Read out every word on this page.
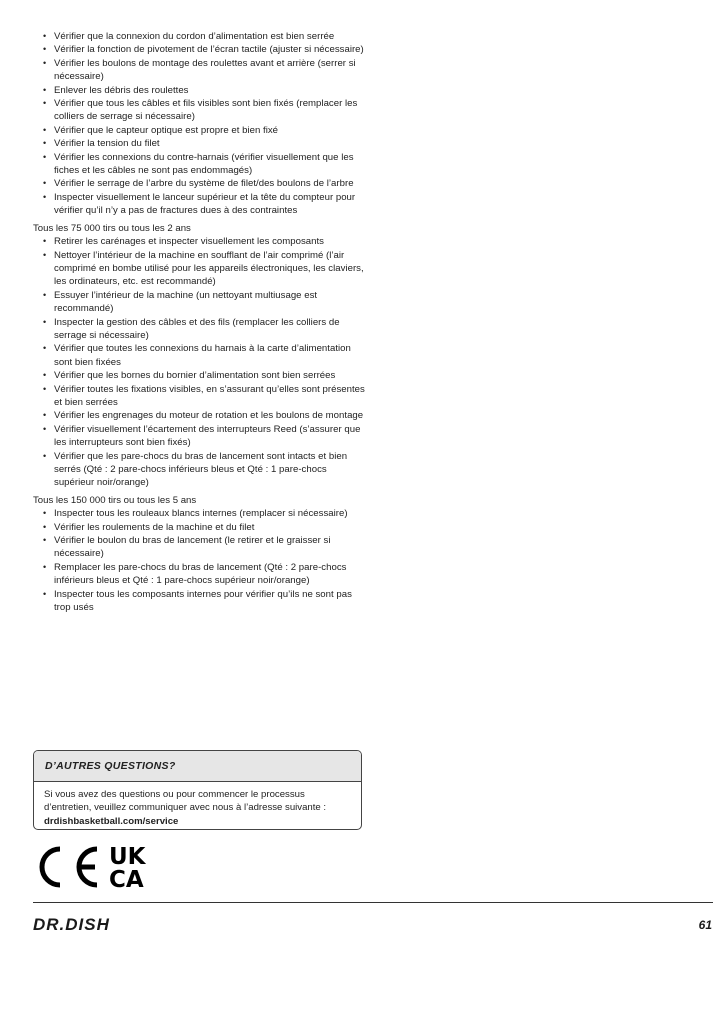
• Vérifier que la connexion du cordon d’alimentation est bien serrée
• Vérifier la fonction de pivotement de l’écran tactile (ajuster si nécessaire)
• Vérifier les boulons de montage des roulettes avant et arrière (serrer si nécessaire)
• Enlever les débris des roulettes
• Vérifier que tous les câbles et fils visibles sont bien fixés (remplacer les colliers de serrage si nécessaire)
• Vérifier que le capteur optique est propre et bien fixé
• Vérifier la tension du filet
• Vérifier les connexions du contre-harnais (vérifier visuellement que les fiches et les câbles ne sont pas endommagés)
• Vérifier le serrage de l’arbre du système de filet/des boulons de l’arbre
• Inspecter visuellement le lanceur supérieur et la tête du compteur pour vérifier qu’il n’y a pas de fractures dues à des contraintes
Tous les 75 000 tirs ou tous les 2 ans
• Retirer les carénages et inspecter visuellement les composants
• Nettoyer l’intérieur de la machine en soufflant de l’air comprimé (l’air comprimé en bombe utilisé pour les appareils électroniques, les claviers, les ordinateurs, etc. est recommandé)
• Essuyer l’intérieur de la machine (un nettoyant multiusage est recommandé)
• Inspecter la gestion des câbles et des fils (remplacer les colliers de serrage si nécessaire)
• Vérifier que toutes les connexions du harnais à la carte d’alimentation sont bien fixées
• Vérifier que les bornes du bornier d’alimentation sont bien serrées
• Vérifier toutes les fixations visibles, en s’assurant qu’elles sont présentes et bien serrées
• Vérifier les engrenages du moteur de rotation et les boulons de montage
• Vérifier visuellement l’écartement des interrupteurs Reed (s’assurer que les interrupteurs sont bien fixés)
• Vérifier que les pare-chocs du bras de lancement sont intacts et bien serrés (Qté : 2 pare-chocs inférieurs bleus et Qté : 1 pare-chocs supérieur noir/orange)
Tous les 150 000 tirs ou tous les 5 ans
• Inspecter tous les rouleaux blancs internes (remplacer si nécessaire)
• Vérifier les roulements de la machine et du filet
• Vérifier le boulon du bras de lancement (le retirer et le graisser si nécessaire)
• Remplacer les pare-chocs du bras de lancement (Qté : 2 pare-chocs inférieurs bleus et Qté : 1 pare-chocs supérieur noir/orange)
• Inspecter tous les composants internes pour vérifier qu’ils ne sont pas trop usés
D’AUTRES QUESTIONS?
Si vous avez des questions ou pour commencer le processus d’entretien, veuillez communiquer avec nous à l’adresse suivante : drdishbasketball.com/service
UK
CA
DR.DISH	61
